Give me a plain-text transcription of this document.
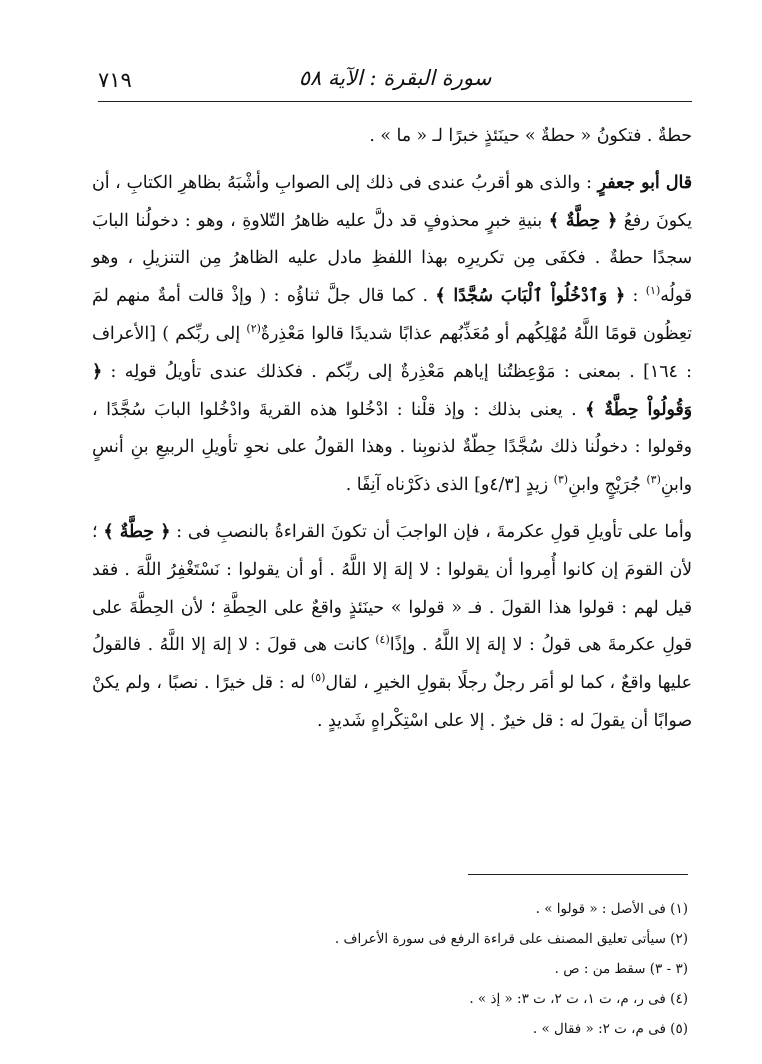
٧١٩	سورة البقرة : الآية ٥٨

حطةٌ . فتكونُ « حطةٌ » حينَئذٍ خبرًا لـ « ما » .

قال أبو جعفرٍ : والذى هو أقربُ عندى فى ذلك إلى الصوابِ وأشْبَهُ بظاهرِ الكتابِ ، أن يكونَ رفعُ ﴿ حِطَّةٌ ﴾ بنيةِ خبرٍ محذوفٍ قد دلَّ عليه ظاهرُ التّلاوةِ ، وهو : دخولُنا البابَ سجدًا حطةٌ . فكفَى مِن تكريرِه بهذا اللفظِ مادل عليه الظاهرُ مِن التنزيلِ ، وهو قولُه$^{(١)}$ : ﴿ وَٱدْخُلُواْ ٱلْبَابَ سُجَّدًا ﴾ . كما قال جلَّ ثناؤُه : ( وإذْ قالت أمةٌ منهم لمَ تعِظُون قومًا اللَّهُ مُهْلِكُهم أو مُعَذِّبُهم عذابًا شديدًا قالوا مَعْذِرةٌ$^{(٢)}$ إلى ربِّكم ) [الأعراف : ١٦٤] . بمعنى : مَوْعِظتُنا إياهم مَعْذِرةٌ إلى ربِّكم . فكذلك عندى تأويلُ قولِه : ﴿ وَقُولُواْ حِطَّةٌ ﴾ . يعنى بذلك : وإذ قلْنا : ادْخُلوا هذه القريةَ وادْخُلوا البابَ سُجَّدًا ، وقولوا : دخولُنا ذلك سُجَّدًا حِطّةٌ لذنوبِنا . وهذا القولُ على نحوِ تأويلِ الربيعِ بنِ أنسٍ وابنِ$^{(٣)}$ جُرَيْجٍ وابنِ$^{(٣)}$ زيدٍ [٤/٣و] الذى ذكَرْناه آنِفًا .

وأما على تأويلِ قولِ عكرمةَ ، فإن الواجبَ أن تكونَ القراءةُ بالنصبِ فى : ﴿ حِطَّةٌ ﴾ ؛ لأن القومَ إن كانوا أُمِروا أن يقولوا : لا إلهَ إلا اللَّهُ . أو أن يقولوا : نَسْتَغْفِرُ اللَّهَ . فقد قيل لهم : قولوا هذا القولَ . فـ « قولوا » حينَئذٍ واقعٌ على الحِطَّةِ ؛ لأن الحِطَّةَ على قولِ عكرمةَ هى قولُ : لا إلهَ إلا اللَّهُ . وإذًا$^{(٤)}$ كانت هى قولَ : لا إلهَ إلا اللَّهُ . فالقولُ عليها واقعٌ ، كما لو أمَر رجلٌ رجلًا بقولِ الخيرِ ، لقال$^{(٥)}$ له : قل خيرًا . نصبًا ، ولم يكنْ صوابًا أن يقولَ له : قل خيرٌ . إلا على اسْتِكْراهٍ شَديدٍ .

(١) فى الأصل : « قولوا » .
(٢) سيأتى تعليق المصنف على قراءة الرفع فى سورة الأعراف .
(٣ - ٣) سقط من : ص .
(٤) فى ر، م، ت ١، ت ٢، ت ٣: « إذ » .
(٥) فى م، ت ٢: « فقال » .
